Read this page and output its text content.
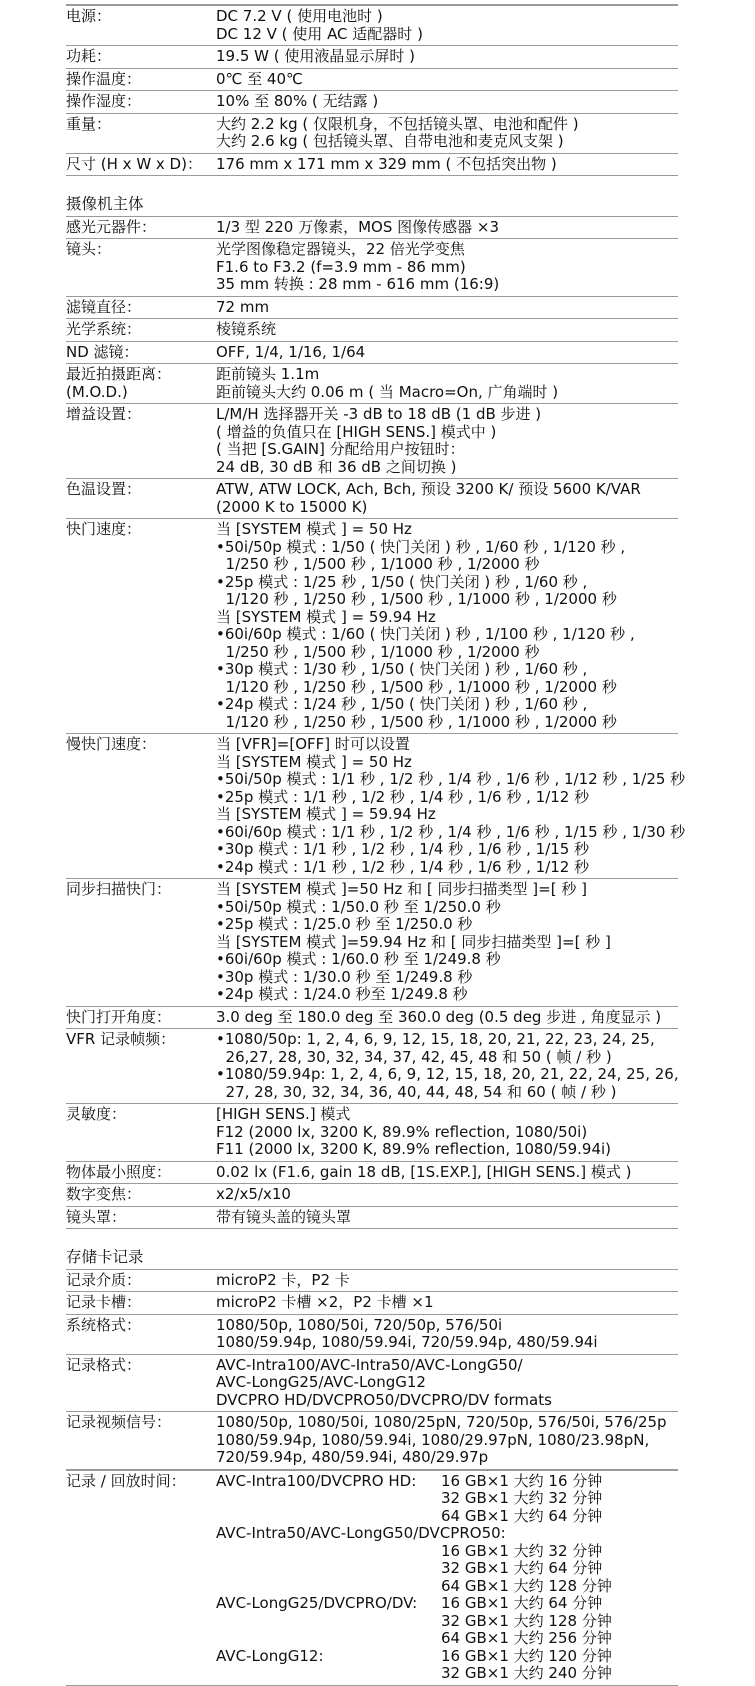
电源：	DC 7.2 V ( 使用电池时 )
DC 12 V ( 使用 AC 适配器时 )
功耗：	19.5 W ( 使用液晶显示屏时 )
操作温度：	0℃ 至 40℃
操作湿度：	10% 至 80% ( 无结露 )
重量：	大约 2.2 kg ( 仅限机身，不包括镜头罩、电池和配件 )
大约 2.6 kg ( 包括镜头罩、自带电池和麦克风支架 )
尺寸 (H x W x D)： 176 mm x 171 mm x 329 mm ( 不包括突出物 )
摄像机主体
感光元器件：	1/3 型 220 万像素，MOS 图像传感器 ×3
镜头：	光学图像稳定器镜头，22 倍光学变焦
F1.6 to F3.2 (f=3.9 mm - 86 mm)
35 mm 转换 : 28 mm - 616 mm (16:9)
滤镜直径：	72 mm
光学系统：	棱镜系统
ND 滤镜：	OFF, 1/4, 1/16, 1/64
最近拍摄距离：
(M.O.D.)
距前镜头 1.1m
距前镜头大约 0.06 m ( 当 Macro=On, 广角端时 )
增益设置：	L/M/H 选择器开关 -3 dB to 18 dB (1 dB 步进 )
( 增益的负值只在 [HIGH SENS.] 模式中 )
( 当把 [S.GAIN] 分配给用户按钮时：
24 dB, 30 dB 和 36 dB 之间切换 )
色温设置：	ATW, ATW LOCK, Ach, Bch, 预设 3200 K/ 预设 5600 K/VAR
(2000 K to 15000 K)
快门速度：	当 [SYSTEM 模式 ] = 50 Hz
•50i/50p 模式 : 1/50 ( 快门关闭 ) 秒 , 1/60 秒 , 1/120 秒 ,
1/250 秒 , 1/500 秒 , 1/1000 秒 , 1/2000 秒
•25p 模式 : 1/25 秒 , 1/50 ( 快门关闭 ) 秒 , 1/60 秒 ,
1/120 秒 , 1/250 秒 , 1/500 秒 , 1/1000 秒 , 1/2000 秒
当 [SYSTEM 模式 ] = 59.94 Hz
•60i/60p 模式 : 1/60 ( 快门关闭 ) 秒 , 1/100 秒 , 1/120 秒 ,
1/250 秒 , 1/500 秒 , 1/1000 秒 , 1/2000 秒
•30p 模式 : 1/30 秒 , 1/50 ( 快门关闭 ) 秒 , 1/60 秒 ,
1/120 秒 , 1/250 秒 , 1/500 秒 , 1/1000 秒 , 1/2000 秒
•24p 模式 : 1/24 秒 , 1/50 ( 快门关闭 ) 秒 , 1/60 秒 ,
1/120 秒 , 1/250 秒 , 1/500 秒 , 1/1000 秒 , 1/2000 秒
慢快门速度：	当 [VFR]=[OFF] 时可以设置
当 [SYSTEM 模式 ] = 50 Hz
•50i/50p 模式 : 1/1 秒 , 1/2 秒 , 1/4 秒 , 1/6 秒 , 1/12 秒 , 1/25 秒
•25p 模式 : 1/1 秒 , 1/2 秒 , 1/4 秒 , 1/6 秒 , 1/12 秒
当 [SYSTEM 模式 ] = 59.94 Hz
•60i/60p 模式 : 1/1 秒 , 1/2 秒 , 1/4 秒 , 1/6 秒 , 1/15 秒 , 1/30 秒
•30p 模式 : 1/1 秒 , 1/2 秒 , 1/4 秒 , 1/6 秒 , 1/15 秒
•24p 模式 : 1/1 秒 , 1/2 秒 , 1/4 秒 , 1/6 秒 , 1/12 秒
同步扫描快门：	当 [SYSTEM 模式 ]=50 Hz 和 [ 同步扫描类型 ]=[ 秒 ]
•50i/50p 模式 : 1/50.0 秒 至 1/250.0 秒
•25p 模式 : 1/25.0 秒 至 1/250.0 秒
当 [SYSTEM 模式 ]=59.94 Hz 和 [ 同步扫描类型 ]=[ 秒 ]
•60i/60p 模式 : 1/60.0 秒 至 1/249.8 秒
•30p 模式 : 1/30.0 秒 至 1/249.8 秒
•24p 模式 : 1/24.0 秒至 1/249.8 秒
快门打开角度：	3.0 deg 至 180.0 deg 至 360.0 deg (0.5 deg 步进 , 角度显示 )
VFR 记录帧频：	•1080/50p: 1, 2, 4, 6, 9, 12, 15, 18, 20, 21, 22, 23, 24, 25,
26,27, 28, 30, 32, 34, 37, 42, 45, 48 和 50 ( 帧 / 秒 )
•1080/59.94p: 1, 2, 4, 6, 9, 12, 15, 18, 20, 21, 22, 24, 25, 26,
27, 28, 30, 32, 34, 36, 40, 44, 48, 54 和 60 ( 帧 / 秒 )
灵敏度：	[HIGH SENS.] 模式
F12 (2000 lx, 3200 K, 89.9% reflection, 1080/50i)
F11 (2000 lx, 3200 K, 89.9% reflection, 1080/59.94i)
物体最小照度：	0.02 lx (F1.6, gain 18 dB, [1S.EXP.], [HIGH SENS.] 模式 )
数字变焦：	x2/x5/x10
镜头罩：	带有镜头盖的镜头罩
存储卡记录
记录介质：	microP2 卡，P2 卡
记录卡槽：	microP2 卡槽 ×2，P2 卡槽 ×1
系统格式：	1080/50p, 1080/50i, 720/50p, 576/50i
1080/59.94p, 1080/59.94i, 720/59.94p, 480/59.94i
记录格式：	AVC-Intra100/AVC-Intra50/AVC-LongG50/
AVC-LongG25/AVC-LongG12
DVCPRO HD/DVCPRO50/DVCPRO/DV formats
记录视频信号：	1080/50p, 1080/50i, 1080/25pN, 720/50p, 576/50i, 576/25p
1080/59.94p, 1080/59.94i, 1080/29.97pN, 1080/23.98pN,
720/59.94p, 480/59.94i, 480/29.97p
记录 / 回放时间：	AVC-Intra100/DVCPRO HD:	16 GB×1 大约 16 分钟
32 GB×1 大约 32 分钟
64 GB×1 大约 64 分钟
AVC-Intra50/AVC-LongG50/DVCPRO50:
16 GB×1 大约 32 分钟
32 GB×1 大约 64 分钟
64 GB×1 大约 128 分钟
AVC-LongG25/DVCPRO/DV:	16 GB×1 大约 64 分钟
32 GB×1 大约 128 分钟
64 GB×1 大约 256 分钟
AVC-LongG12:	16 GB×1 大约 120 分钟
32 GB×1 大约 240 分钟
